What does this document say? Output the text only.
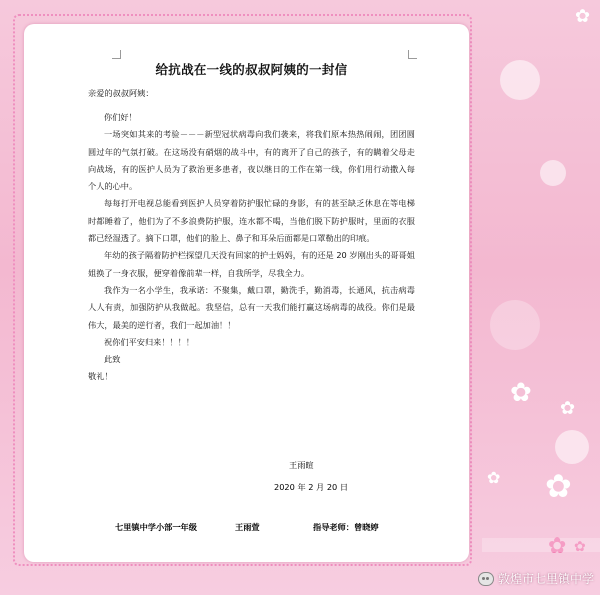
✿
✿
✿ ✿
✿ ✿
✿

给抗战在一线的叔叔阿姨的一封信

亲爱的叔叔阿姨：

你们好！

一场突如其来的考验－－－新型冠状病毒向我们袭来，将我们原本热热闹闹，团团圆圆过年的气氛打破。在这场没有硝烟的战斗中，有的离开了自己的孩子，有的瞒着父母走向战场，有的医护人员为了救治更多患者，夜以继日的工作在第一线，你们用行动撒入每个人的心中。

每每打开电视总能看到医护人员穿着防护服忙碌的身影，有的甚至缺乏休息在等电梯时都睡着了，他们为了不多浪费防护服，连水都不喝，当他们脱下防护服时，里面的衣服都已经湿透了。摘下口罩，他们的脸上、鼻子和耳朵后面都是口罩勒出的印痕。

年幼的孩子隔着防护栏探望几天没有回家的护士妈妈，有的还是 20 岁刚出头的哥哥姐姐换了一身衣服，便穿着像前辈一样，自我所学，尽我全力。

我作为一名小学生，我承诺：不聚集，戴口罩，勤洗手，勤消毒，长通风，抗击病毒人人有责，加强防护从我做起。我坚信，总有一天我们能打赢这场病毒的战役。你们是最伟大，最美的逆行者，我们一起加油！！

祝你们平安归来！！！！

此致

敬礼！

王雨暄
2020 年 2 月 20 日
七里镇中学小部一年级	王雨萱	指导老师：曾晓婷
敦煌市七里镇中学
